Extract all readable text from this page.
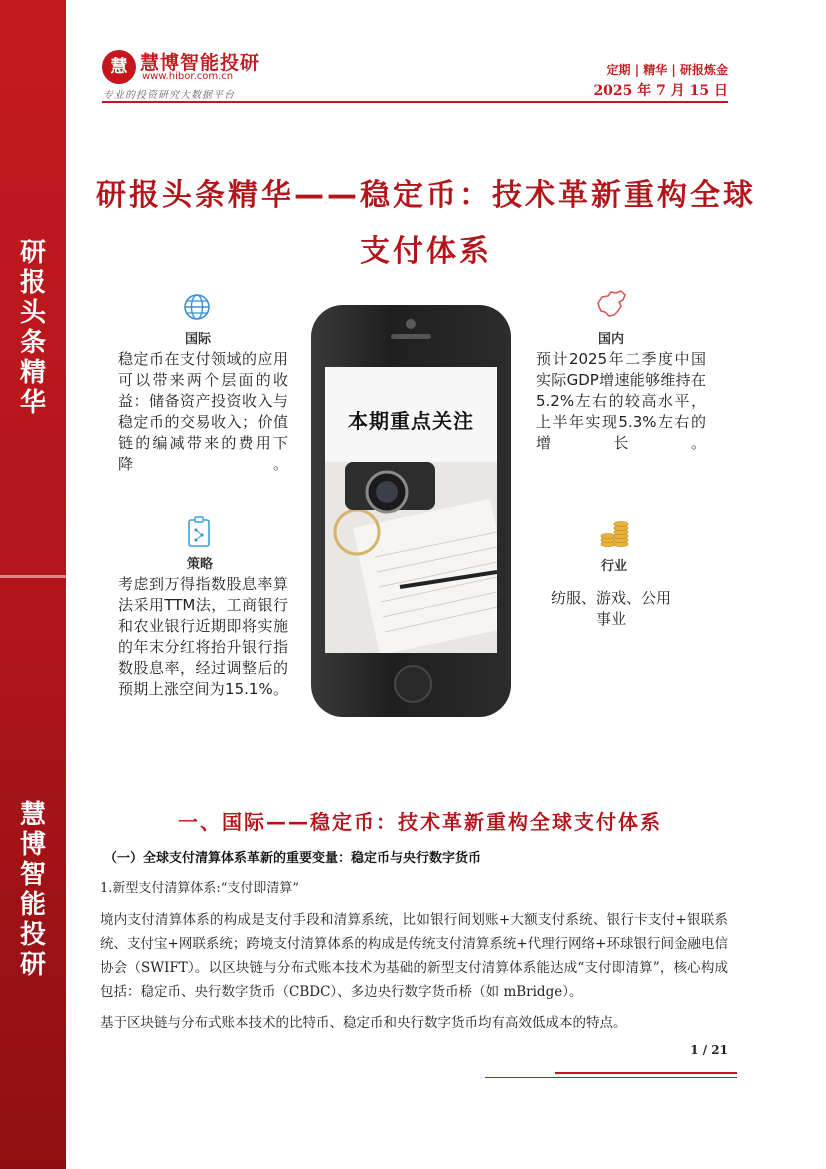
研报头条精华
慧博智能投研
慧 慧博智能投研
www.hibor.com.cn
专业的投资研究大数据平台
定期 | 精华 | 研报炼金
2025 年 7 月 15 日
研报头条精华——稳定币：技术革新重构全球
支付体系
国际
稳定币在支付领域的应用可以带来两个层面的收益：储备资产投资收入与稳定币的交易收入；价值链的编减带来的费用下降。
国内
预计2025年二季度中国实际GDP增速能够维持在5.2%左右的较高水平，上半年实现5.3%左右的增长。
策略
考虑到万得指数股息率算法采用TTM法，工商银行和农业银行近期即将实施的年末分红将抬升银行指数股息率，经过调整后的预期上涨空间为15.1%。
行业
纺服、游戏、公用事业
本期重点关注
一、国际——稳定币：技术革新重构全球支付体系
（一）全球支付清算体系革新的重要变量：稳定币与央行数字货币
1.新型支付清算体系:“支付即清算”
境内支付清算体系的构成是支付手段和清算系统，比如银行间划账+大额支付系统、银行卡支付+银联系统、支付宝+网联系统；跨境支付清算体系的构成是传统支付清算系统+代理行网络+环球银行间金融电信协会（SWIFT）。以区块链与分布式账本技术为基础的新型支付清算体系能达成“支付即清算”，核心构成包括：稳定币、央行数字货币（CBDC）、多边央行数字货币桥（如 mBridge）。
基于区块链与分布式账本技术的比特币、稳定币和央行数字货币均有高效低成本的特点。
1 / 21
